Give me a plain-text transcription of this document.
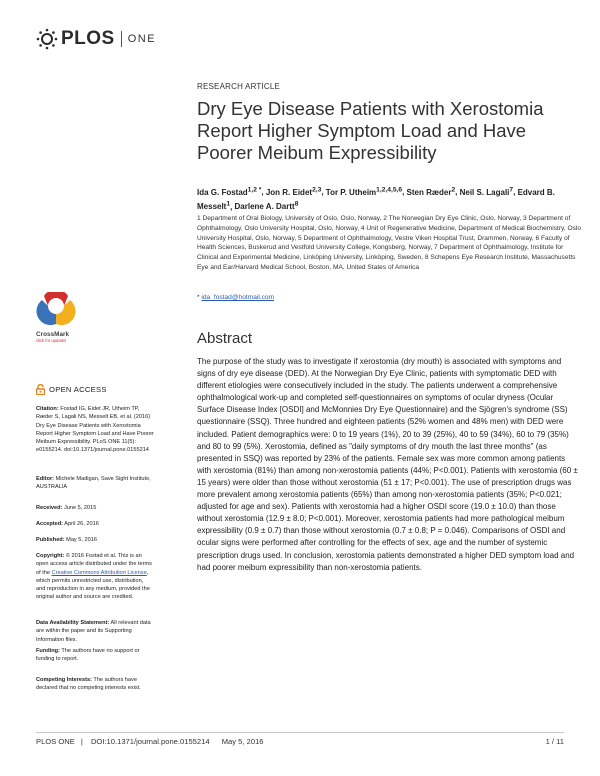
PLOS ONE
RESEARCH ARTICLE
Dry Eye Disease Patients with Xerostomia Report Higher Symptom Load and Have Poorer Meibum Expressibility
Ida G. Fostad$^{1,2 *}$, Jon R. Eidet$^{2,3}$, Tor P. Utheim$^{1,2,4,5,6}$, Sten Ræder$^2$, Neil S. Lagali$^7$, Edvard B. Messelt$^1$, Darlene A. Dartt$^8$
1 Department of Oral Biology, University of Oslo, Oslo, Norway, 2 The Norwegian Dry Eye Clinic, Oslo, Norway, 3 Department of Ophthalmology, Oslo University Hospital, Oslo, Norway, 4 Unit of Regenerative Medicine, Department of Medical Biochemistry, Oslo University Hospital, Oslo, Norway, 5 Department of Ophthalmology, Vestre Viken Hospital Trust, Drammen, Norway, 6 Faculty of Health Sciences, Buskerud and Vestfold University College, Kongsberg, Norway, 7 Department of Ophthalmology, Institute for Clinical and Experimental Medicine, Linköping University, Linköping, Sweden, 8 Schepens Eye Research Institute, Massachusetts Eye and Ear/Harvard Medical School, Boston, MA, United States of America
* ida_fostad@hotmail.com
CrossMark
click for updates
OPEN ACCESS
Citation: Fostad IG, Eidet JR, Utheim TP, Ræder S, Lagali NS, Messelt EB, et al. (2016) Dry Eye Disease Patients with Xerostomia Report Higher Symptom Load and Have Poorer Meibum Expressibility. PLoS ONE 11(5): e0155214. doi:10.1371/journal.pone.0155214
Editor: Michele Madigan, Save Sight Institute, AUSTRALIA
Received: June 5, 2015
Accepted: April 26, 2016
Published: May 5, 2016
Copyright: © 2016 Fostad et al. This is an open access article distributed under the terms of the Creative Commons Attribution License, which permits unrestricted use, distribution, and reproduction in any medium, provided the original author and source are credited.
Data Availability Statement: All relevant data are within the paper and its Supporting Information files.
Funding: The authors have no support or funding to report.
Competing Interests: The authors have declared that no competing interests exist.
Abstract
The purpose of the study was to investigate if xerostomia (dry mouth) is associated with symptoms and signs of dry eye disease (DED). At the Norwegian Dry Eye Clinic, patients with symptomatic DED with different etiologies were consecutively included in the study. The patients underwent a comprehensive ophthalmological work-up and completed self-questionnaires on symptoms of ocular dryness (Ocular Surface Disease Index [OSDI] and McMonnies Dry Eye Questionnaire) and the Sjögren's syndrome (SS) questionnaire (SSQ). Three hundred and eighteen patients (52% women and 48% men) with DED were included. Patient demographics were: 0 to 19 years (1%), 20 to 39 (25%), 40 to 59 (34%), 60 to 79 (35%) and 80 to 99 (5%). Xerostomia, defined as "daily symptoms of dry mouth the last three months" (as presented in SSQ) was reported by 23% of the patients. Female sex was more common among patients with xerostomia (81%) than among non-xerostomia patients (44%; P<0.001). Patients with xerostomia (60 ± 15 years) were older than those without xerostomia (51 ± 17; P<0.001). The use of prescription drugs was more prevalent among xerostomia patients (65%) than among non-xerostomia patients (35%; P<0.021; adjusted for age and sex). Patients with xerostomia had a higher OSDI score (19.0 ± 10.0) than those without xerostomia (12.9 ± 8.0; P<0.001). Moreover, xerostomia patients had more pathological meibum expressibility (0.9 ± 0.7) than those without xerostomia (0.7 ± 0.8; P = 0.046). Comparisons of OSDI and ocular signs were performed after controlling for the effects of sex, age and the number of systemic prescription drugs used. In conclusion, xerostomia patients demonstrated a higher DED symptom load and had poorer meibum expressibility than non-xerostomia patients.
PLOS ONE | DOI:10.1371/journal.pone.0155214 May 5, 2016	1 / 11
